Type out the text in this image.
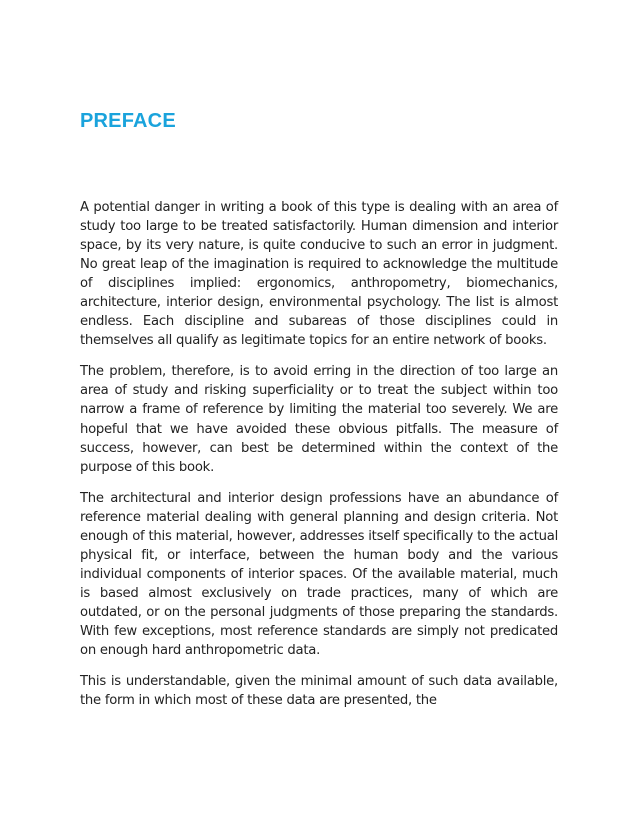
PREFACE

A potential danger in writing a book of this type is dealing with an area of study too large to be treated satisfactorily. Human dimension and interior space, by its very nature, is quite conducive to such an error in judgment. No great leap of the imagination is required to acknowledge the multitude of disciplines implied: ergonomics, anthropometry, biomechanics, architecture, interior design, environmental psychology. The list is almost endless. Each discipline and subareas of those disciplines could in themselves all qualify as legitimate topics for an entire network of books.

The problem, therefore, is to avoid erring in the direction of too large an area of study and risking superficiality or to treat the subject within too narrow a frame of reference by limiting the material too severely. We are hopeful that we have avoided these obvious pitfalls. The measure of success, however, can best be determined within the context of the purpose of this book.

The architectural and interior design professions have an abundance of reference material dealing with general planning and design criteria. Not enough of this material, however, addresses itself specifically to the actual physical fit, or interface, between the human body and the various individual components of interior spaces. Of the available material, much is based almost exclusively on trade practices, many of which are outdated, or on the personal judgments of those preparing the standards. With few exceptions, most reference standards are simply not predicated on enough hard anthropometric data.

This is understandable, given the minimal amount of such data available, the form in which most of these data are presented, the
